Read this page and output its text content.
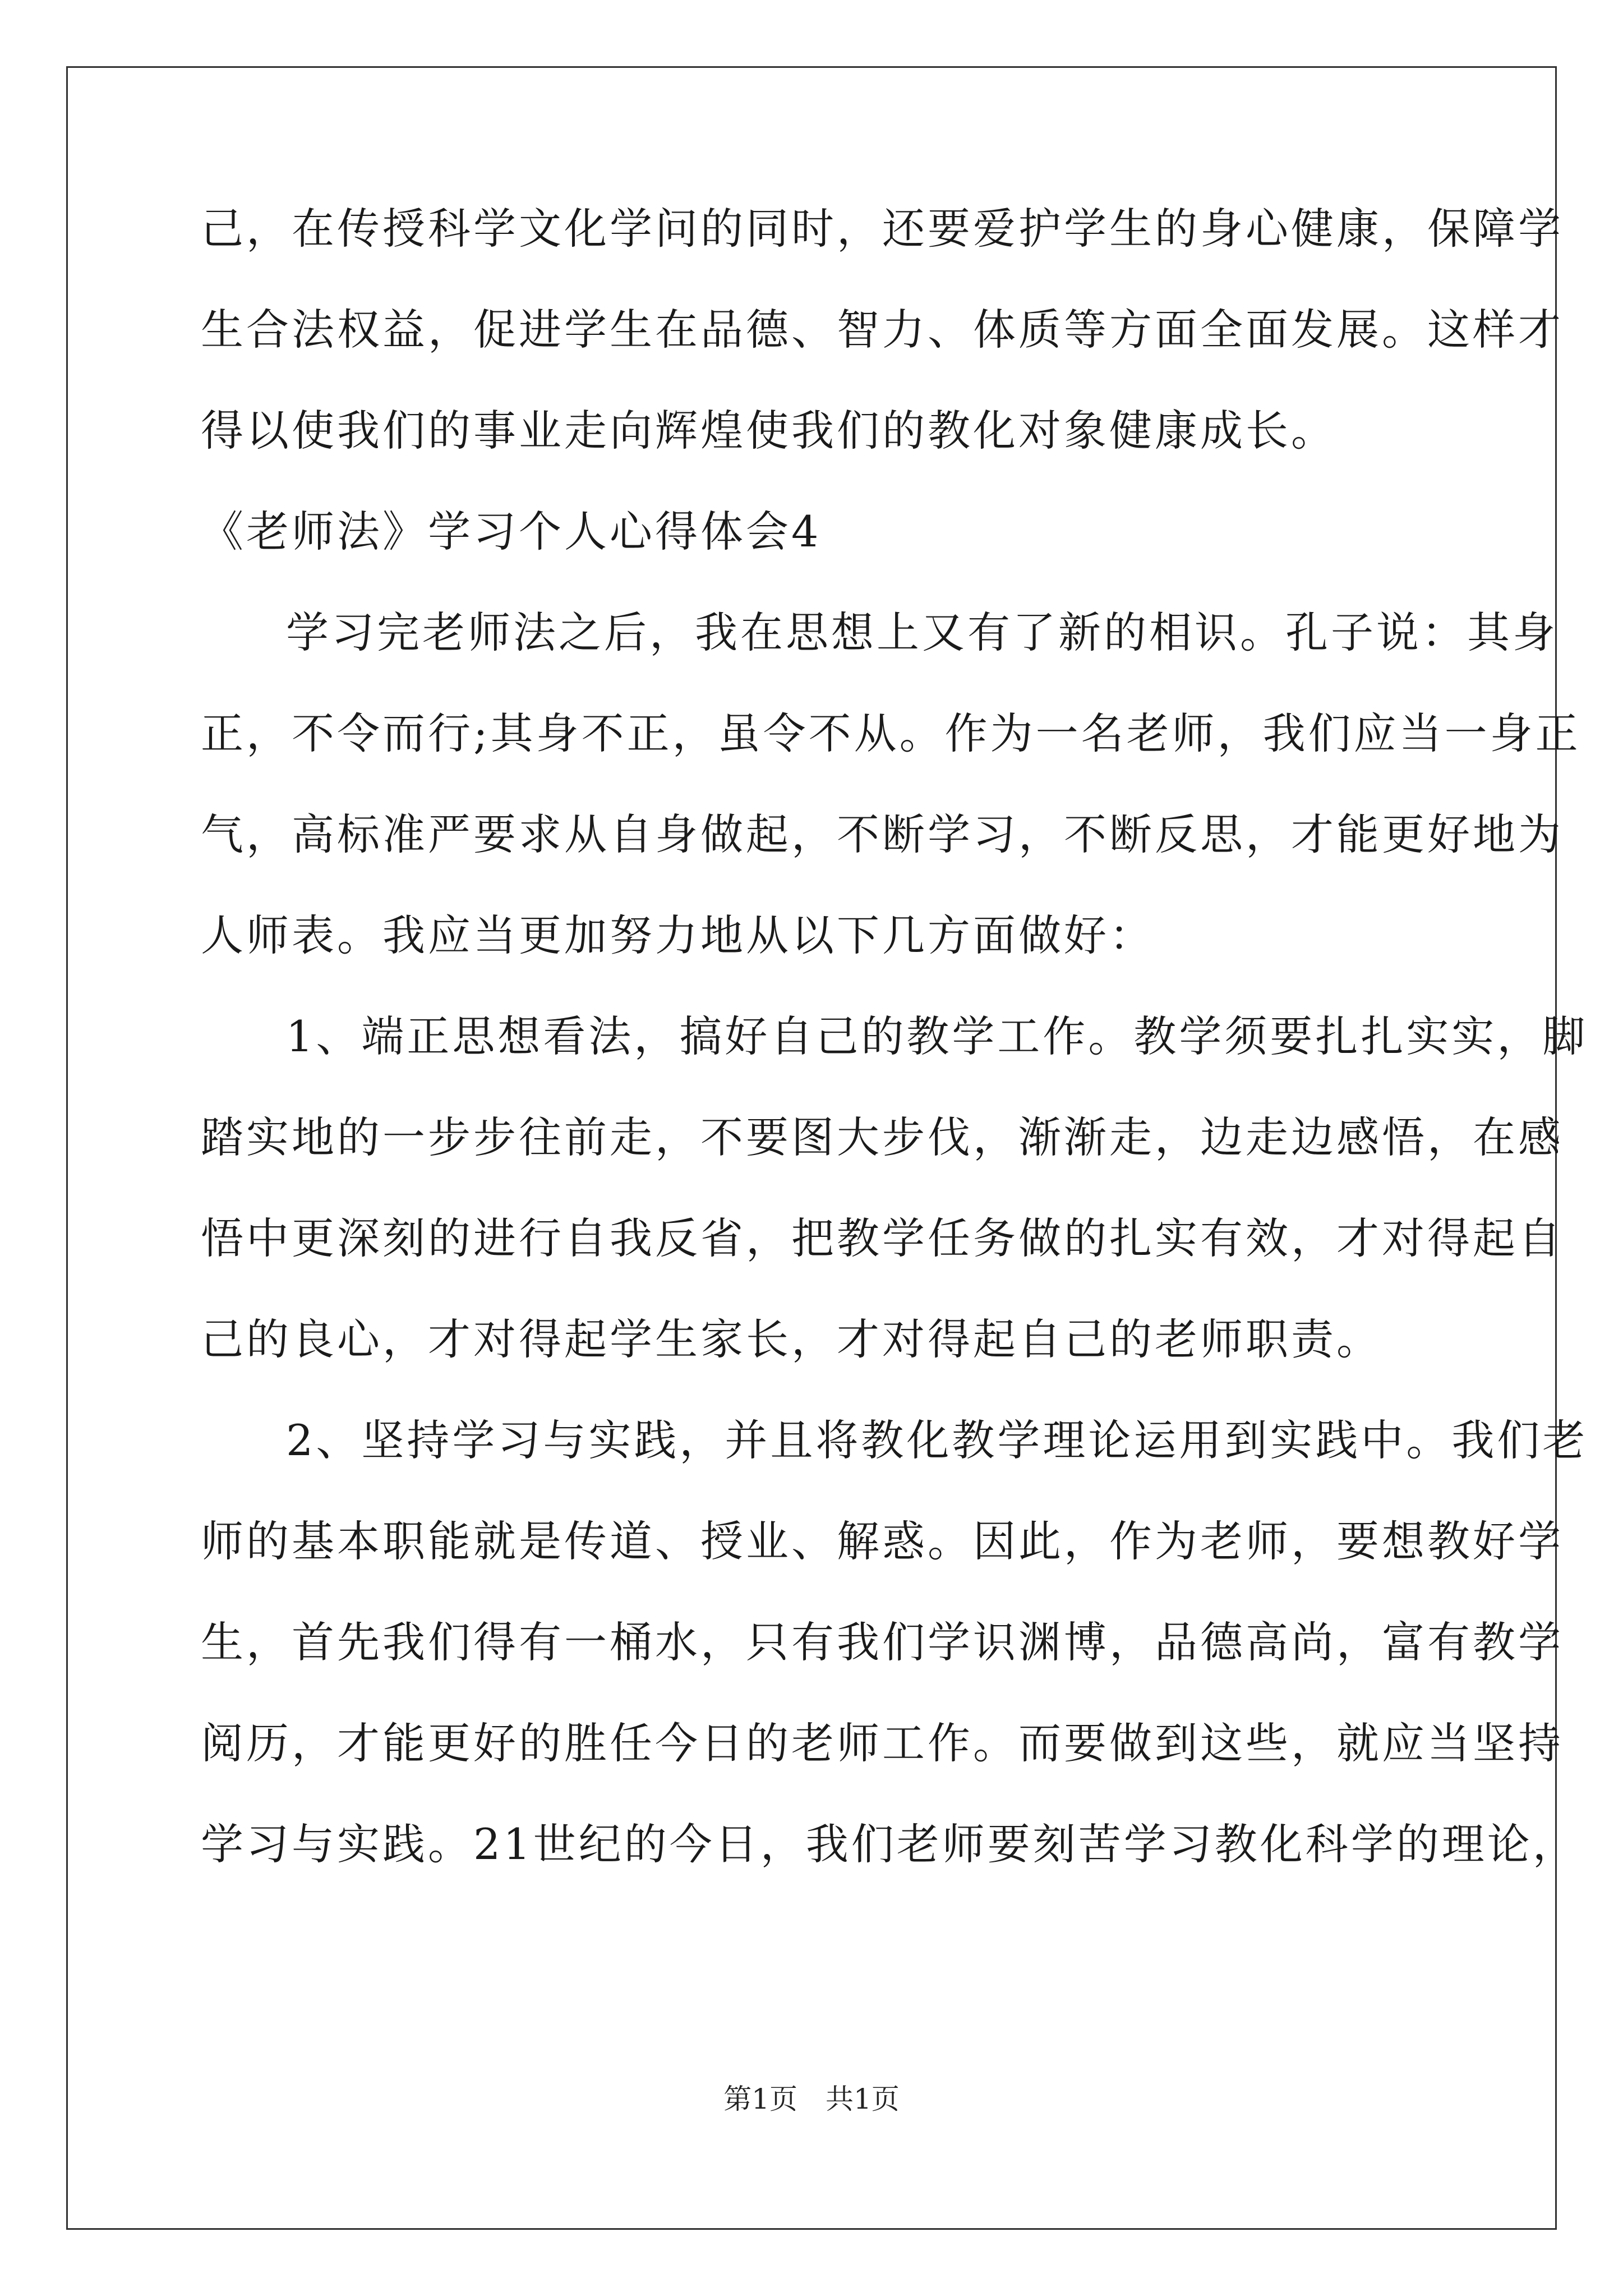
己，在传授科学文化学问的同时，还要爱护学生的身心健康，保障学
生合法权益，促进学生在品德、智力、体质等方面全面发展。这样才
得以使我们的事业走向辉煌使我们的教化对象健康成长。
《老师法》学习个人心得体会4
学习完老师法之后，我在思想上又有了新的相识。孔子说：其身
正，不令而行;其身不正，虽令不从。作为一名老师，我们应当一身正
气，高标准严要求从自身做起，不断学习，不断反思，才能更好地为
人师表。我应当更加努力地从以下几方面做好：
1、端正思想看法，搞好自己的教学工作。教学须要扎扎实实，脚
踏实地的一步步往前走，不要图大步伐，渐渐走，边走边感悟，在感
悟中更深刻的进行自我反省，把教学任务做的扎实有效，才对得起自
己的良心，才对得起学生家长，才对得起自己的老师职责。
2、坚持学习与实践，并且将教化教学理论运用到实践中。我们老
师的基本职能就是传道、授业、解惑。因此，作为老师，要想教好学
生，首先我们得有一桶水，只有我们学识渊博，品德高尚，富有教学
阅历，才能更好的胜任今日的老师工作。而要做到这些，就应当坚持
学习与实践。21世纪的今日，我们老师要刻苦学习教化科学的理论，
第1页　共1页
